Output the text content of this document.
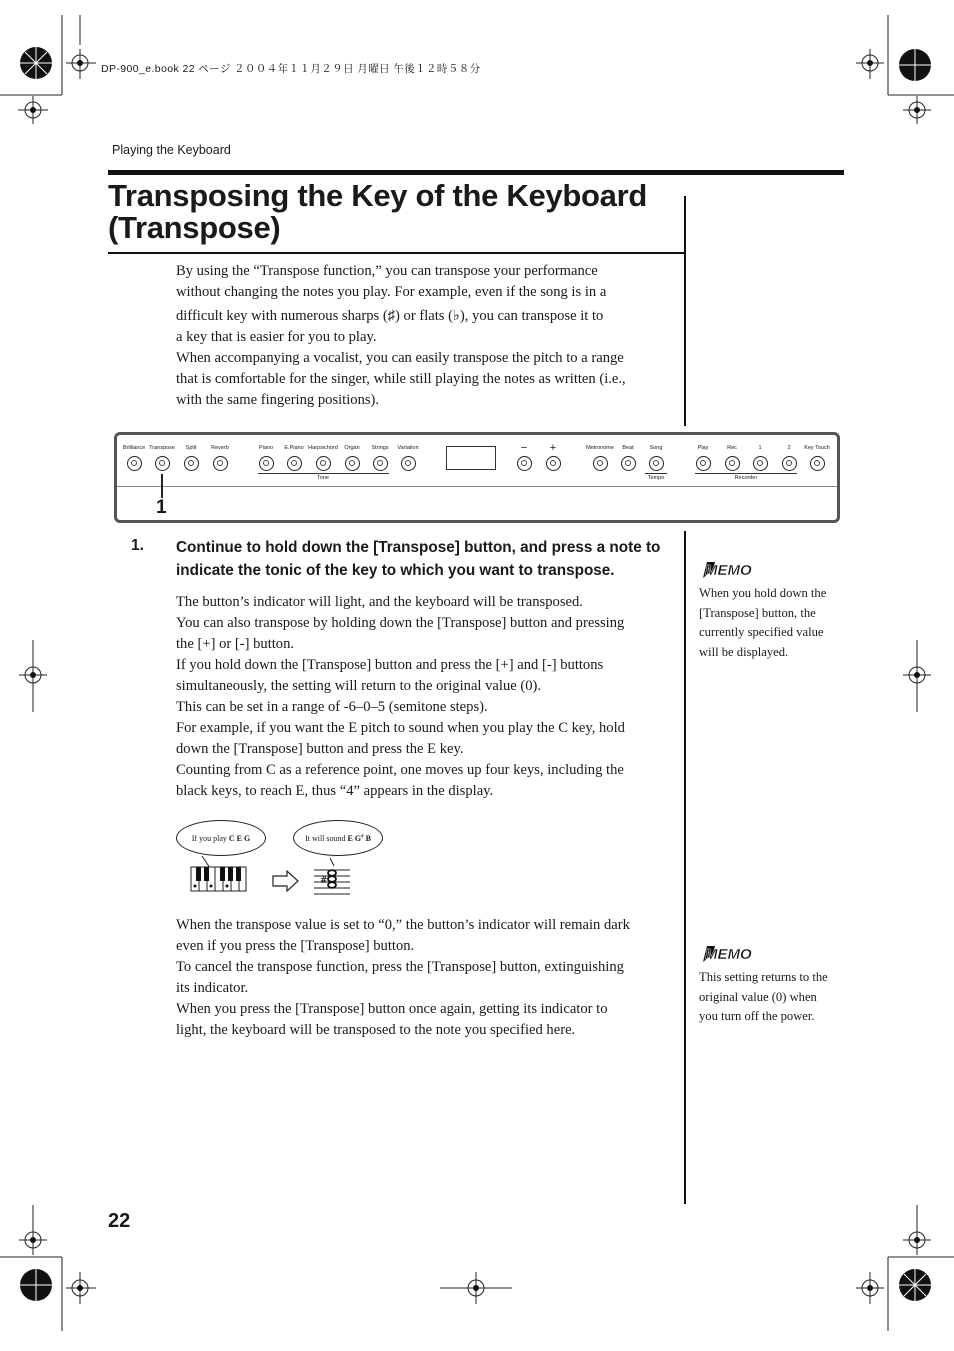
DP-900_e.book 22 ページ ２００４年１１月２９日 月曜日 午後１２時５８分
Playing the Keyboard
Transposing the Key of the Keyboard
(Transpose)

By using the “Transpose function,” you can transpose your performance

without changing the notes you play. For example, even if the song is in a

difficult key with numerous sharps (♯) or flats (♭), you can transpose it to

a key that is easier for you to play.

When accompanying a vocalist, you can easily transpose the pitch to a range

that is comfortable for the singer, while still playing the notes as written (i.e.,

with the same fingering positions).

Brilliance Transpose Split	Reverb	Piano E.Piano Harpsichord Organ Strings Variation	− +	Metronome Beat	Song	Play	Rec	1	2 Key Touch
Tone	Tempo	Recorder
1
1. Continue to hold down the [Transpose] button, and press a note to indicate the tonic of the key to which you want to transpose.

The button’s indicator will light, and the keyboard will be transposed.

You can also transpose by holding down the [Transpose] button and pressing

the [+] or [-] button.

If you hold down the [Transpose] button and press the [+] and [-] buttons

simultaneously, the setting will return to the original value (0).

This can be set in a range of -6–0–5 (semitone steps).

For example, if you want the E pitch to sound when you play the C key, hold

down the [Transpose] button and press the E key.

Counting from C as a reference point, one moves up four keys, including the

black keys, to reach E, thus “4” appears in the display.

If you play
C E G	It will sound
E G# B
#

When the transpose value is set to “0,” the button’s indicator will remain dark

even if you press the [Transpose] button.

To cancel the transpose function, press the [Transpose] button, extinguishing

its indicator.

When you press the [Transpose] button once again, getting its indicator to

light, the keyboard will be transposed to the note you specified here.

MEMO
When you hold down the
[Transpose] button, the
currently specified value
will be displayed.
MEMO
This setting returns to the
original value (0) when
you turn off the power.
22
